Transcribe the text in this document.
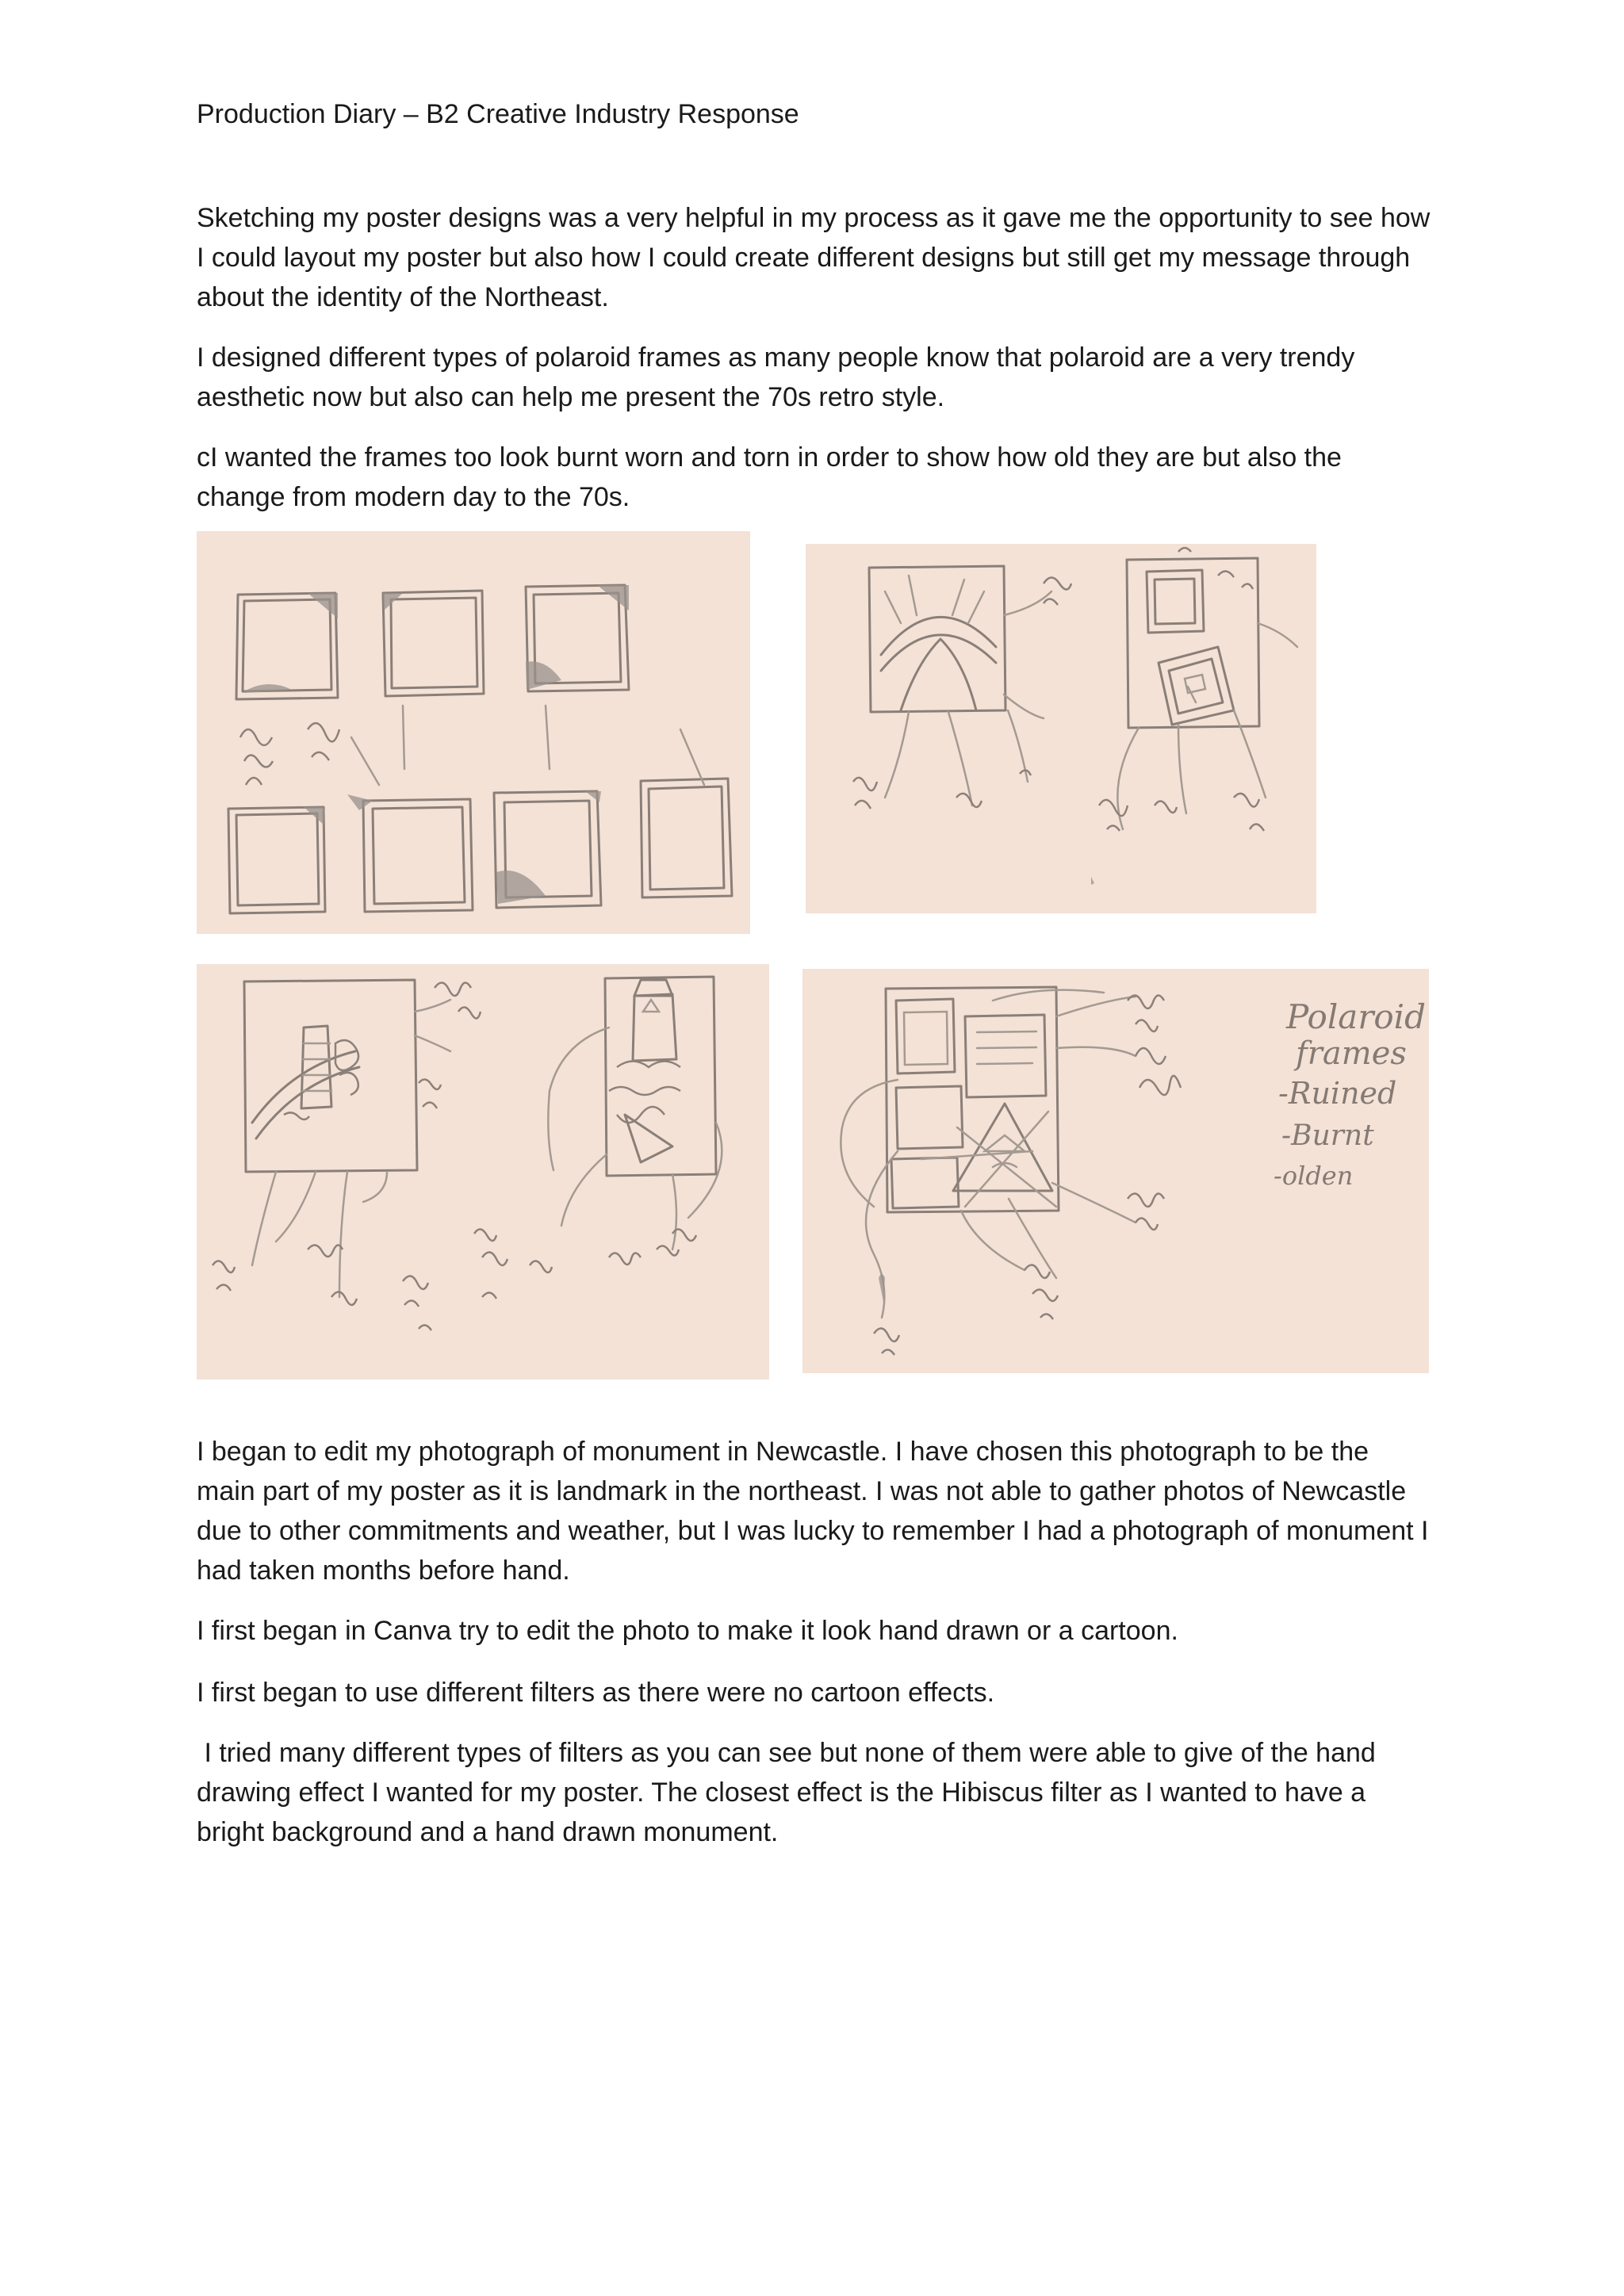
Production Diary – B2 Creative Industry Response

Sketching my poster designs was a very helpful in my process as it gave me the opportunity to see how I could layout my poster but also how I could create different designs but still get my message through about the identity of the Northeast.

I designed different types of polaroid frames as many people know that polaroid are a very trendy aesthetic now but also can help me present the 70s retro style.

cI wanted the frames too look burnt worn and torn in order to show how old they are but also the change from modern day to the 70s.

Polaroid
frames
-Ruined
-Burnt
-olden

I began to edit my photograph of monument in Newcastle. I have chosen this photograph to be the main part of my poster as it is landmark in the northeast. I was not able to gather photos of Newcastle due to other commitments and weather, but I was lucky to remember I had a photograph of monument I had taken months before hand.

I first began in Canva try to edit the photo to make it look hand drawn or a cartoon.

I first began to use different filters as there were no cartoon effects.

I tried many different types of filters as you can see but none of them were able to give of the hand drawing effect I wanted for my poster. The closest effect is the Hibiscus filter as I wanted to have a bright background and a hand drawn monument.
